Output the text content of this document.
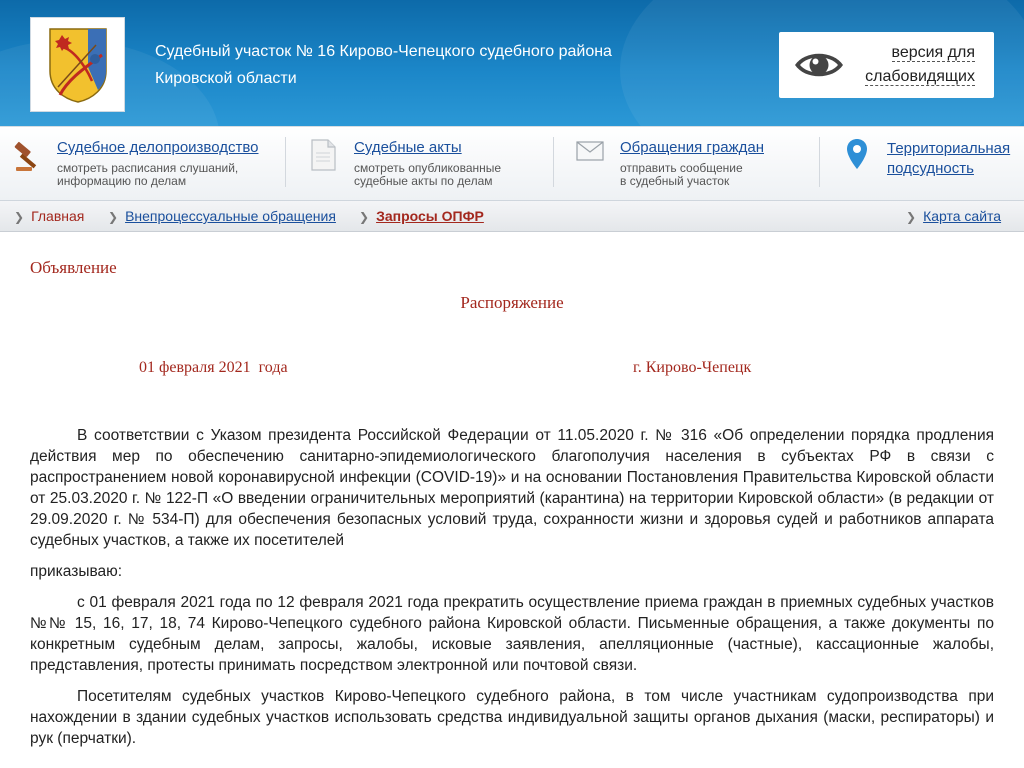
Судебный участок № 16 Кирово-Чепецкого судебного района
Кировской области
версия для
слабовидящих
Судебное делопроизводство
смотреть расписания слушаний,
информацию по делам
Судебные акты
смотреть опубликованные
судебные акты по делам
Обращения граждан
отправить сообщение
в судебный участок
Территориальная
подсудность
❯ Главная ❯ Внепроцессуальные обращения ❯ Запросы ОПФР	❯ Карта сайта
Объявление
Распоряжение
01 февраля 2021  года	г. Кирово-Чепецк

В соответствии с Указом президента Российской Федерации от 11.05.2020 г. № 316 «Об определении порядка продления действия мер по обеспечению санитарно-эпидемиологического благополучия населения в субъектах РФ в связи с распространением новой коронавирусной инфекции (COVID-19)» и на основании Постановления Правительства Кировской области от 25.03.2020 г. № 122-П «О введении ограничительных мероприятий (карантина) на территории Кировской области» (в редакции от 29.09.2020 г. № 534-П) для обеспечения безопасных условий труда, сохранности жизни и здоровья судей и работников аппарата судебных участков, а также их посетителей

приказываю:

с 01 февраля 2021 года по 12 февраля 2021 года прекратить осуществление приема граждан в приемных судебных участков №№ 15, 16, 17, 18, 74 Кирово-Чепецкого судебного района Кировской области. Письменные обращения, а также документы по конкретным судебным делам, запросы, жалобы, исковые заявления, апелляционные (частные), кассационные жалобы, представления, протесты принимать посредством электронной или почтовой связи.

Посетителям судебных участков Кирово-Чепецкого судебного района, в том числе участникам судопроизводства при нахождении в здании судебных участков использовать средства индивидуальной защиты органов дыхания (маски, респираторы) и рук (перчатки).
